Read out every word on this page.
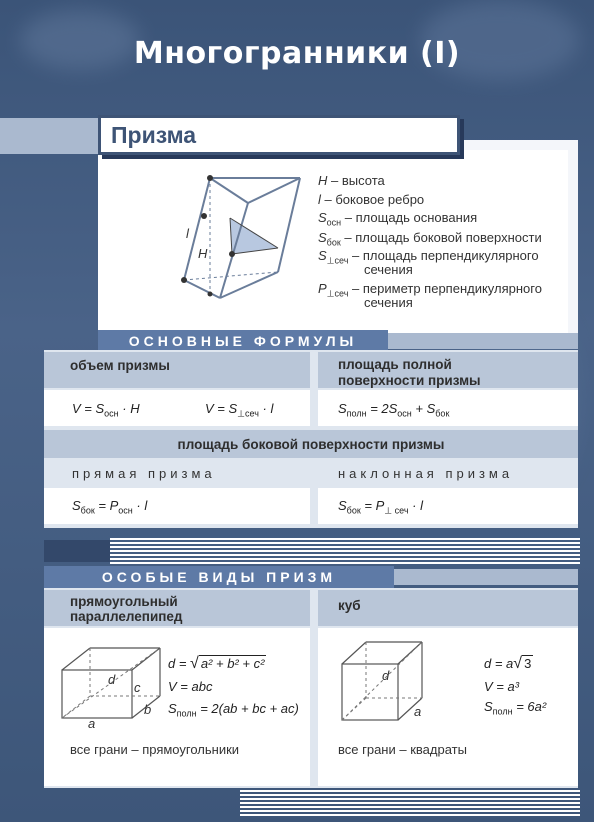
Многогранники (I)
Призма
l
H
H – высота
l – боковое ребро
$S_{осн}$ – площадь основания
$S_{бок}$ – площадь боковой поверхности
$S_{\perp сеч}$ – площадь перпендикулярного
сечения
$P_{\perp сеч}$ – периметр перпендикулярного
сечения
ОСНОВНЫЕ ФОРМУЛЫ
объем призмы	площадь полной
поверхности призмы
$V = S_{осн} \cdot H$	$V = S_{\perp сеч} \cdot l$	$S_{полн} = 2S_{осн} + S_{бок}$
площадь боковой поверхности призмы
прямая призма	наклонная призма
$S_{бок} = P_{осн} \cdot l$	$S_{бок} = P_{\perp сеч} \cdot l$
ОСОБЫЕ ВИДЫ ПРИЗМ
прямоугольный
параллелепипед
куб
d
c
b
a
d = √ a² + b² + c²
V = abc
$S_{полн} = 2(ab$ + bc + ac)
d
a
d = a√ 3
V = a³
$S_{полн} = 6a^2$
все грани – прямоугольники	все грани – квадраты
